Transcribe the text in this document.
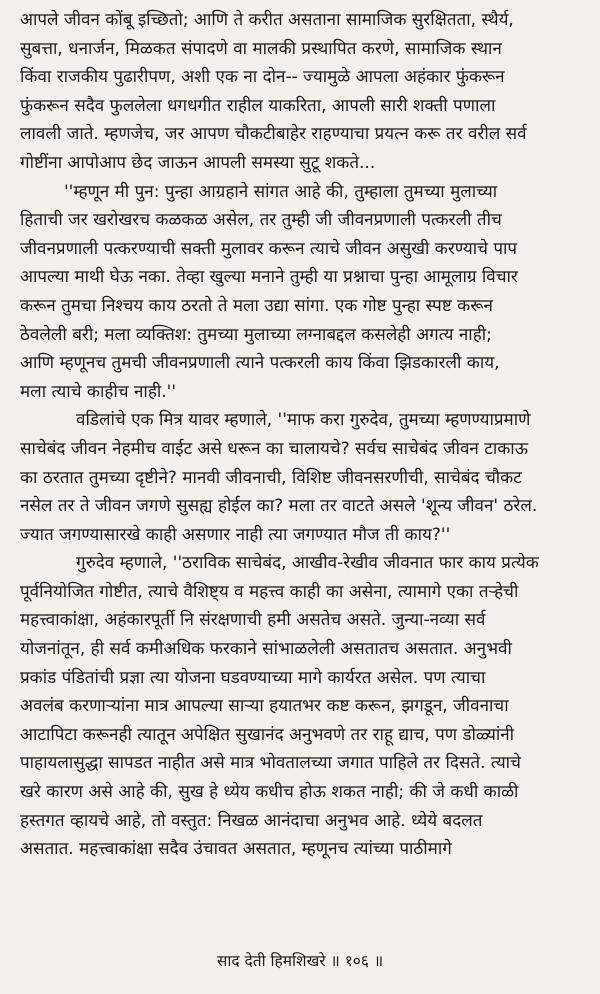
आपले जीवन कोंबू इच्छितो; आणि ते करीत असताना सामाजिक सुरक्षितता, स्थैर्य,
सुबत्ता, धनार्जन, मिळकत संपादणे वा मालकी प्रस्थापित करणे, सामाजिक स्थान
किंवा राजकीय पुढारीपण, अशी एक ना दोन-- ज्यामुळे आपला अहंकार फुंकरून
फुंकरून सदैव फुललेला धगधगीत राहील याकरिता, आपली सारी शक्ती पणाला
लावली जाते. म्हणजेच, जर आपण चौकटीबाहेर राहण्याचा प्रयत्न करू तर वरील सर्व
गोष्टींना आपोआप छेद जाऊन आपली समस्या सुटू शकते...
''म्हणून मी पुन: पुन्हा आग्रहाने सांगत आहे की, तुम्हाला तुमच्या मुलाच्या
हिताची जर खरोखरच कळकळ असेल, तर तुम्ही जी जीवनप्रणाली पत्करली तीच
जीवनप्रणाली पत्करण्याची सक्ती मुलावर करून त्याचे जीवन असुखी करण्याचे पाप
आपल्या माथी घेऊ नका. तेव्हा खुल्या मनाने तुम्ही या प्रश्नाचा पुन्हा आमूलाग्र विचार
करून तुमचा निश्चय काय ठरतो ते मला उद्या सांगा. एक गोष्ट पुन्हा स्पष्ट करून
ठेवलेली बरी; मला व्यक्तिश: तुमच्या मुलाच्या लग्नाबद्दल कसलेही अगत्य नाही;
आणि म्हणूनच तुमची जीवनप्रणाली त्याने पत्करली काय किंवा झिडकारली काय,
मला त्याचे काहीच नाही.''
वडिलांचे एक मित्र यावर म्हणाले, ''माफ करा गुरुदेव, तुमच्या म्हणण्याप्रमाणे
साचेबंद जीवन नेहमीच वाईट असे धरून का चालायचे? सर्वच साचेबंद जीवन टाकाऊ
का ठरतात तुमच्या दृष्टीने? मानवी जीवनाची, विशिष्ट जीवनसरणीची, साचेबंद चौकट
नसेल तर ते जीवन जगणे सुसह्य होईल का? मला तर वाटते असले 'शून्य जीवन' ठरेल.
ज्यात जगण्यासारखे काही असणार नाही त्या जगण्यात मौज ती काय?''
गुरुदेव म्हणाले, ''ठराविक साचेबंद, आखीव-रेखीव जीवनात फार काय प्रत्येक
पूर्वनियोजित गोष्टीत, त्याचे वैशिष्ट्य व महत्त्व काही का असेना, त्यामागे एका तऱ्हेची
महत्त्वाकांक्षा, अहंकारपूर्ती नि संरक्षणाची हमी असतेच असते. जुन्या-नव्या सर्व
योजनांतून, ही सर्व कमीअधिक फरकाने सांभाळलेली असतातच असतात. अनुभवी
प्रकांड पंडितांची प्रज्ञा त्या योजना घडवण्याच्या मागे कार्यरत असेल. पण त्याचा
अवलंब करणाऱ्यांना मात्र आपल्या साऱ्या हयातभर कष्ट करून, झगडून, जीवनाचा
आटापिटा करूनही त्यातून अपेक्षित सुखानंद अनुभवणे तर राहू द्याच, पण डोळ्यांनी
पाहायलासुद्धा सापडत नाहीत असे मात्र भोवतालच्या जगात पाहिले तर दिसते. त्याचे
खरे कारण असे आहे की, सुख हे ध्येय कधीच होऊ शकत नाही; की जे कधी काळी
हस्तगत व्हायचे आहे, तो वस्तुत: निखळ आनंदाचा अनुभव आहे. ध्येये बदलत
असतात. महत्त्वाकांक्षा सदैव उंचावत असतात, म्हणूनच त्यांच्या पाठीमागे
साद देती हिमशिखरे ॥ १०६ ॥
